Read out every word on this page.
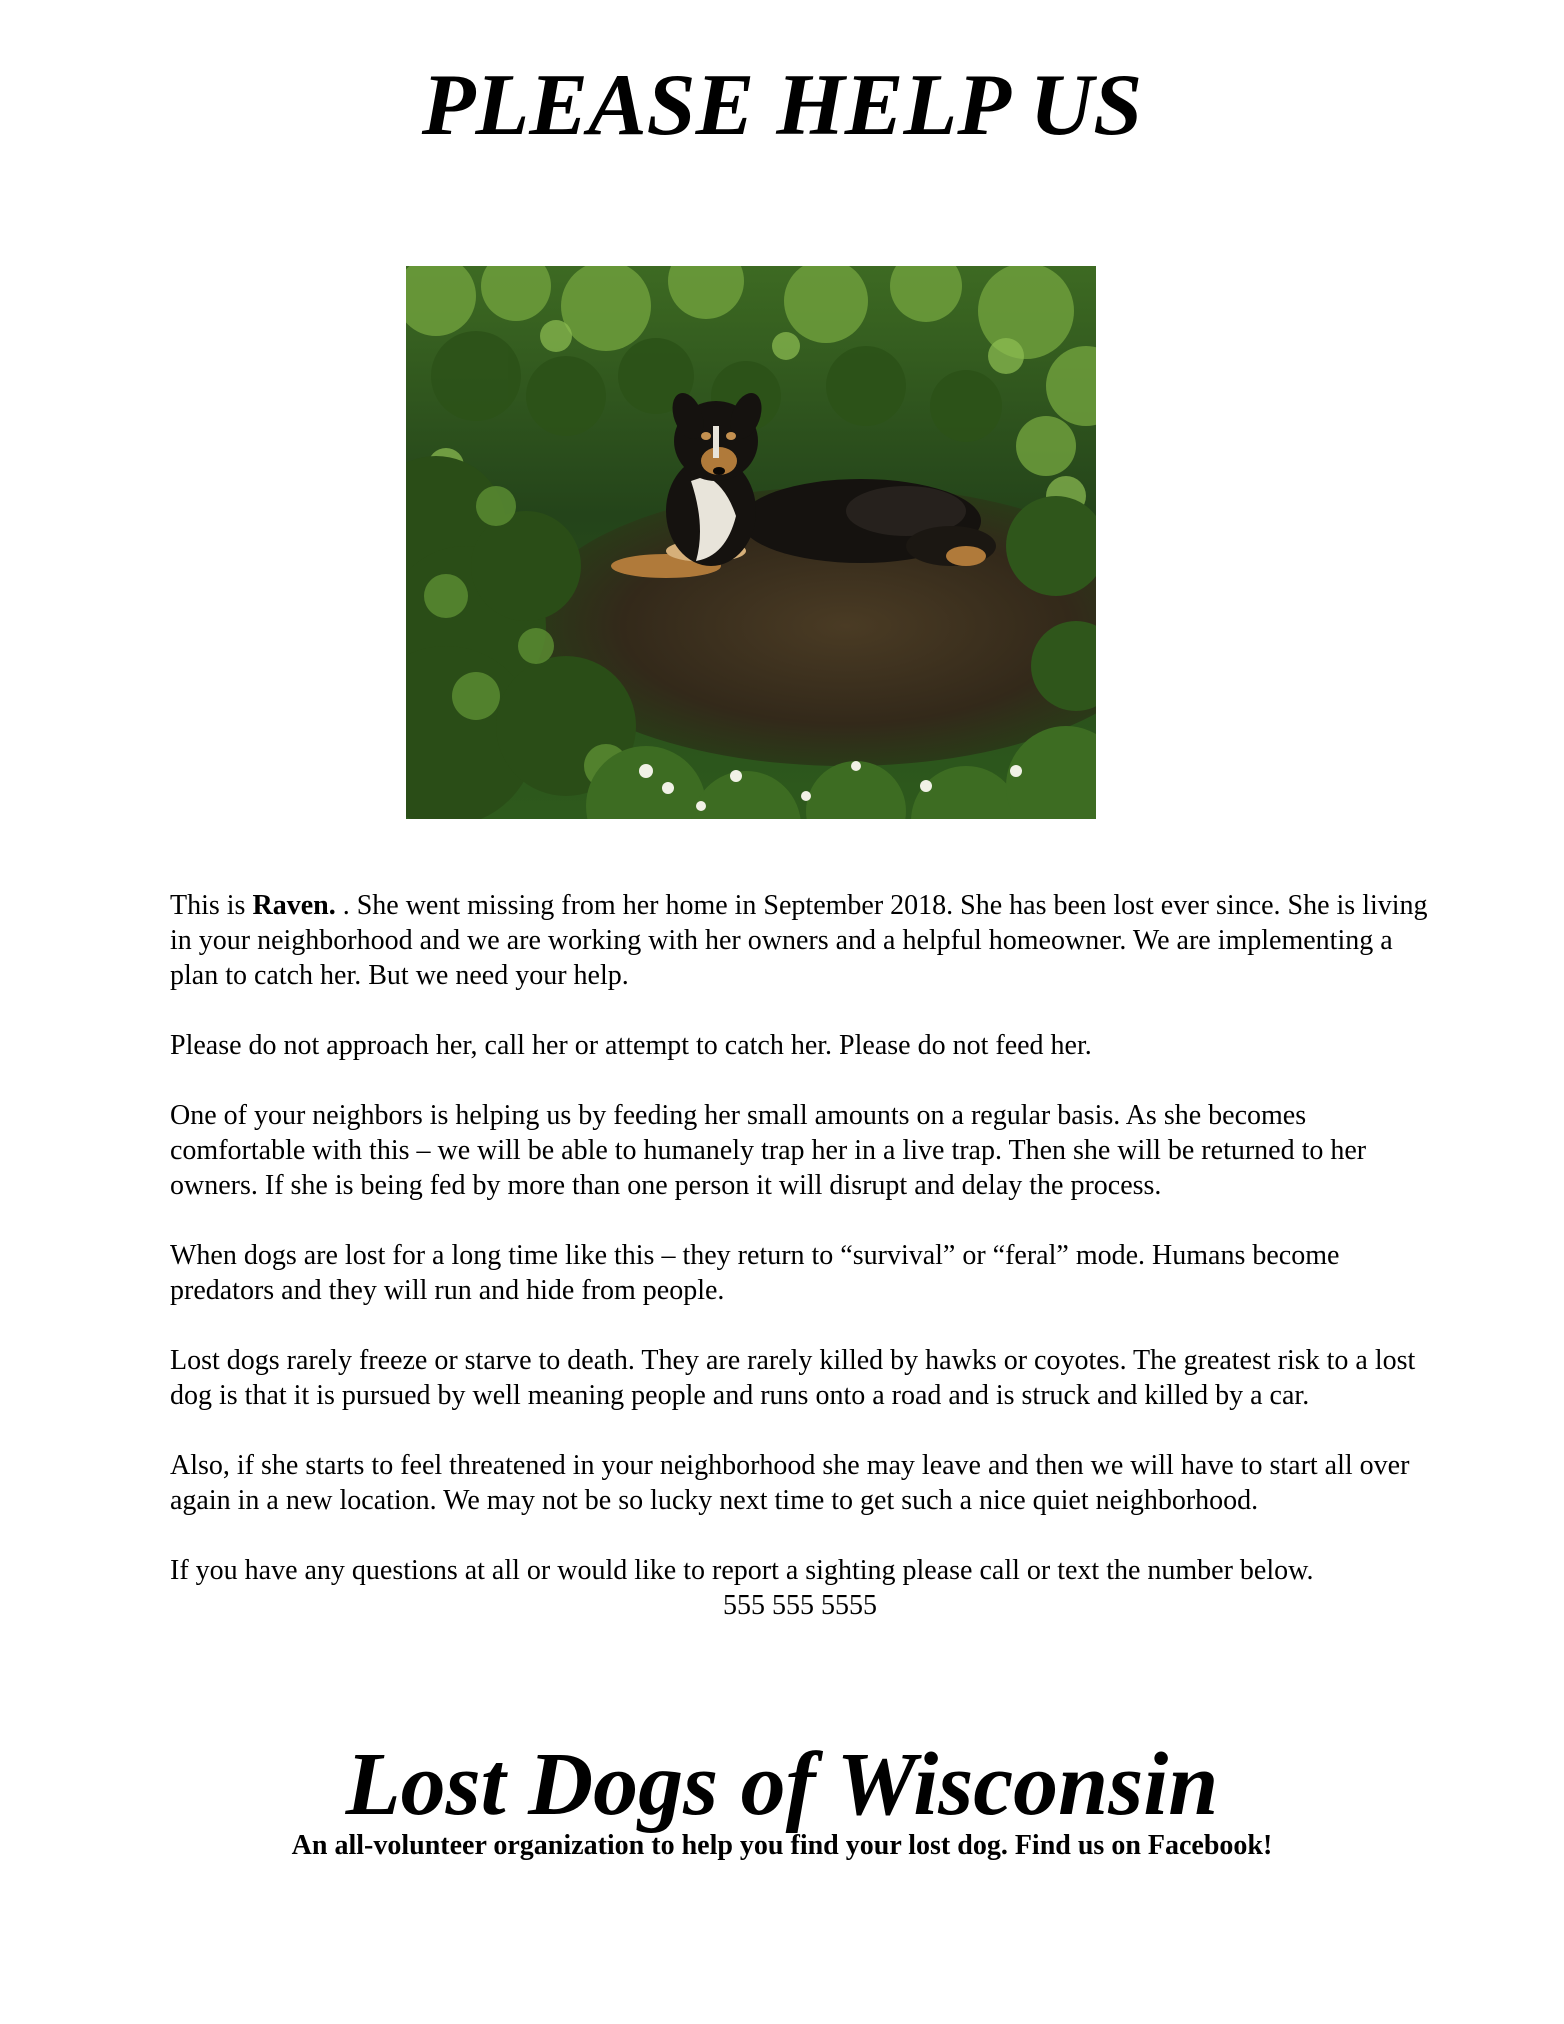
PLEASE HELP US

This is Raven. . She went missing from her home in September 2018. She has been lost ever since. She is living in your neighborhood and we are working with her owners and a helpful homeowner. We are implementing a plan to catch her. But we need your help.

Please do not approach her, call her or attempt to catch her. Please do not feed her.

One of your neighbors is helping us by feeding her small amounts on a regular basis. As she becomes comfortable with this – we will be able to humanely trap her in a live trap. Then she will be returned to her owners. If she is being fed by more than one person it will disrupt and delay the process.

When dogs are lost for a long time like this – they return to “survival” or “feral” mode. Humans become predators and they will run and hide from people.

Lost dogs rarely freeze or starve to death. They are rarely killed by hawks or coyotes. The greatest risk to a lost dog is that it is pursued by well meaning people and runs onto a road and is struck and killed by a car.

Also, if she starts to feel threatened in your neighborhood she may leave and then we will have to start all over again in a new location. We may not be so lucky next time to get such a nice quiet neighborhood.

If you have any questions at all or would like to report a sighting please call or text the number below.

555 555 5555
Lost Dogs of Wisconsin

An all-volunteer organization to help you find your lost dog. Find us on Facebook!
